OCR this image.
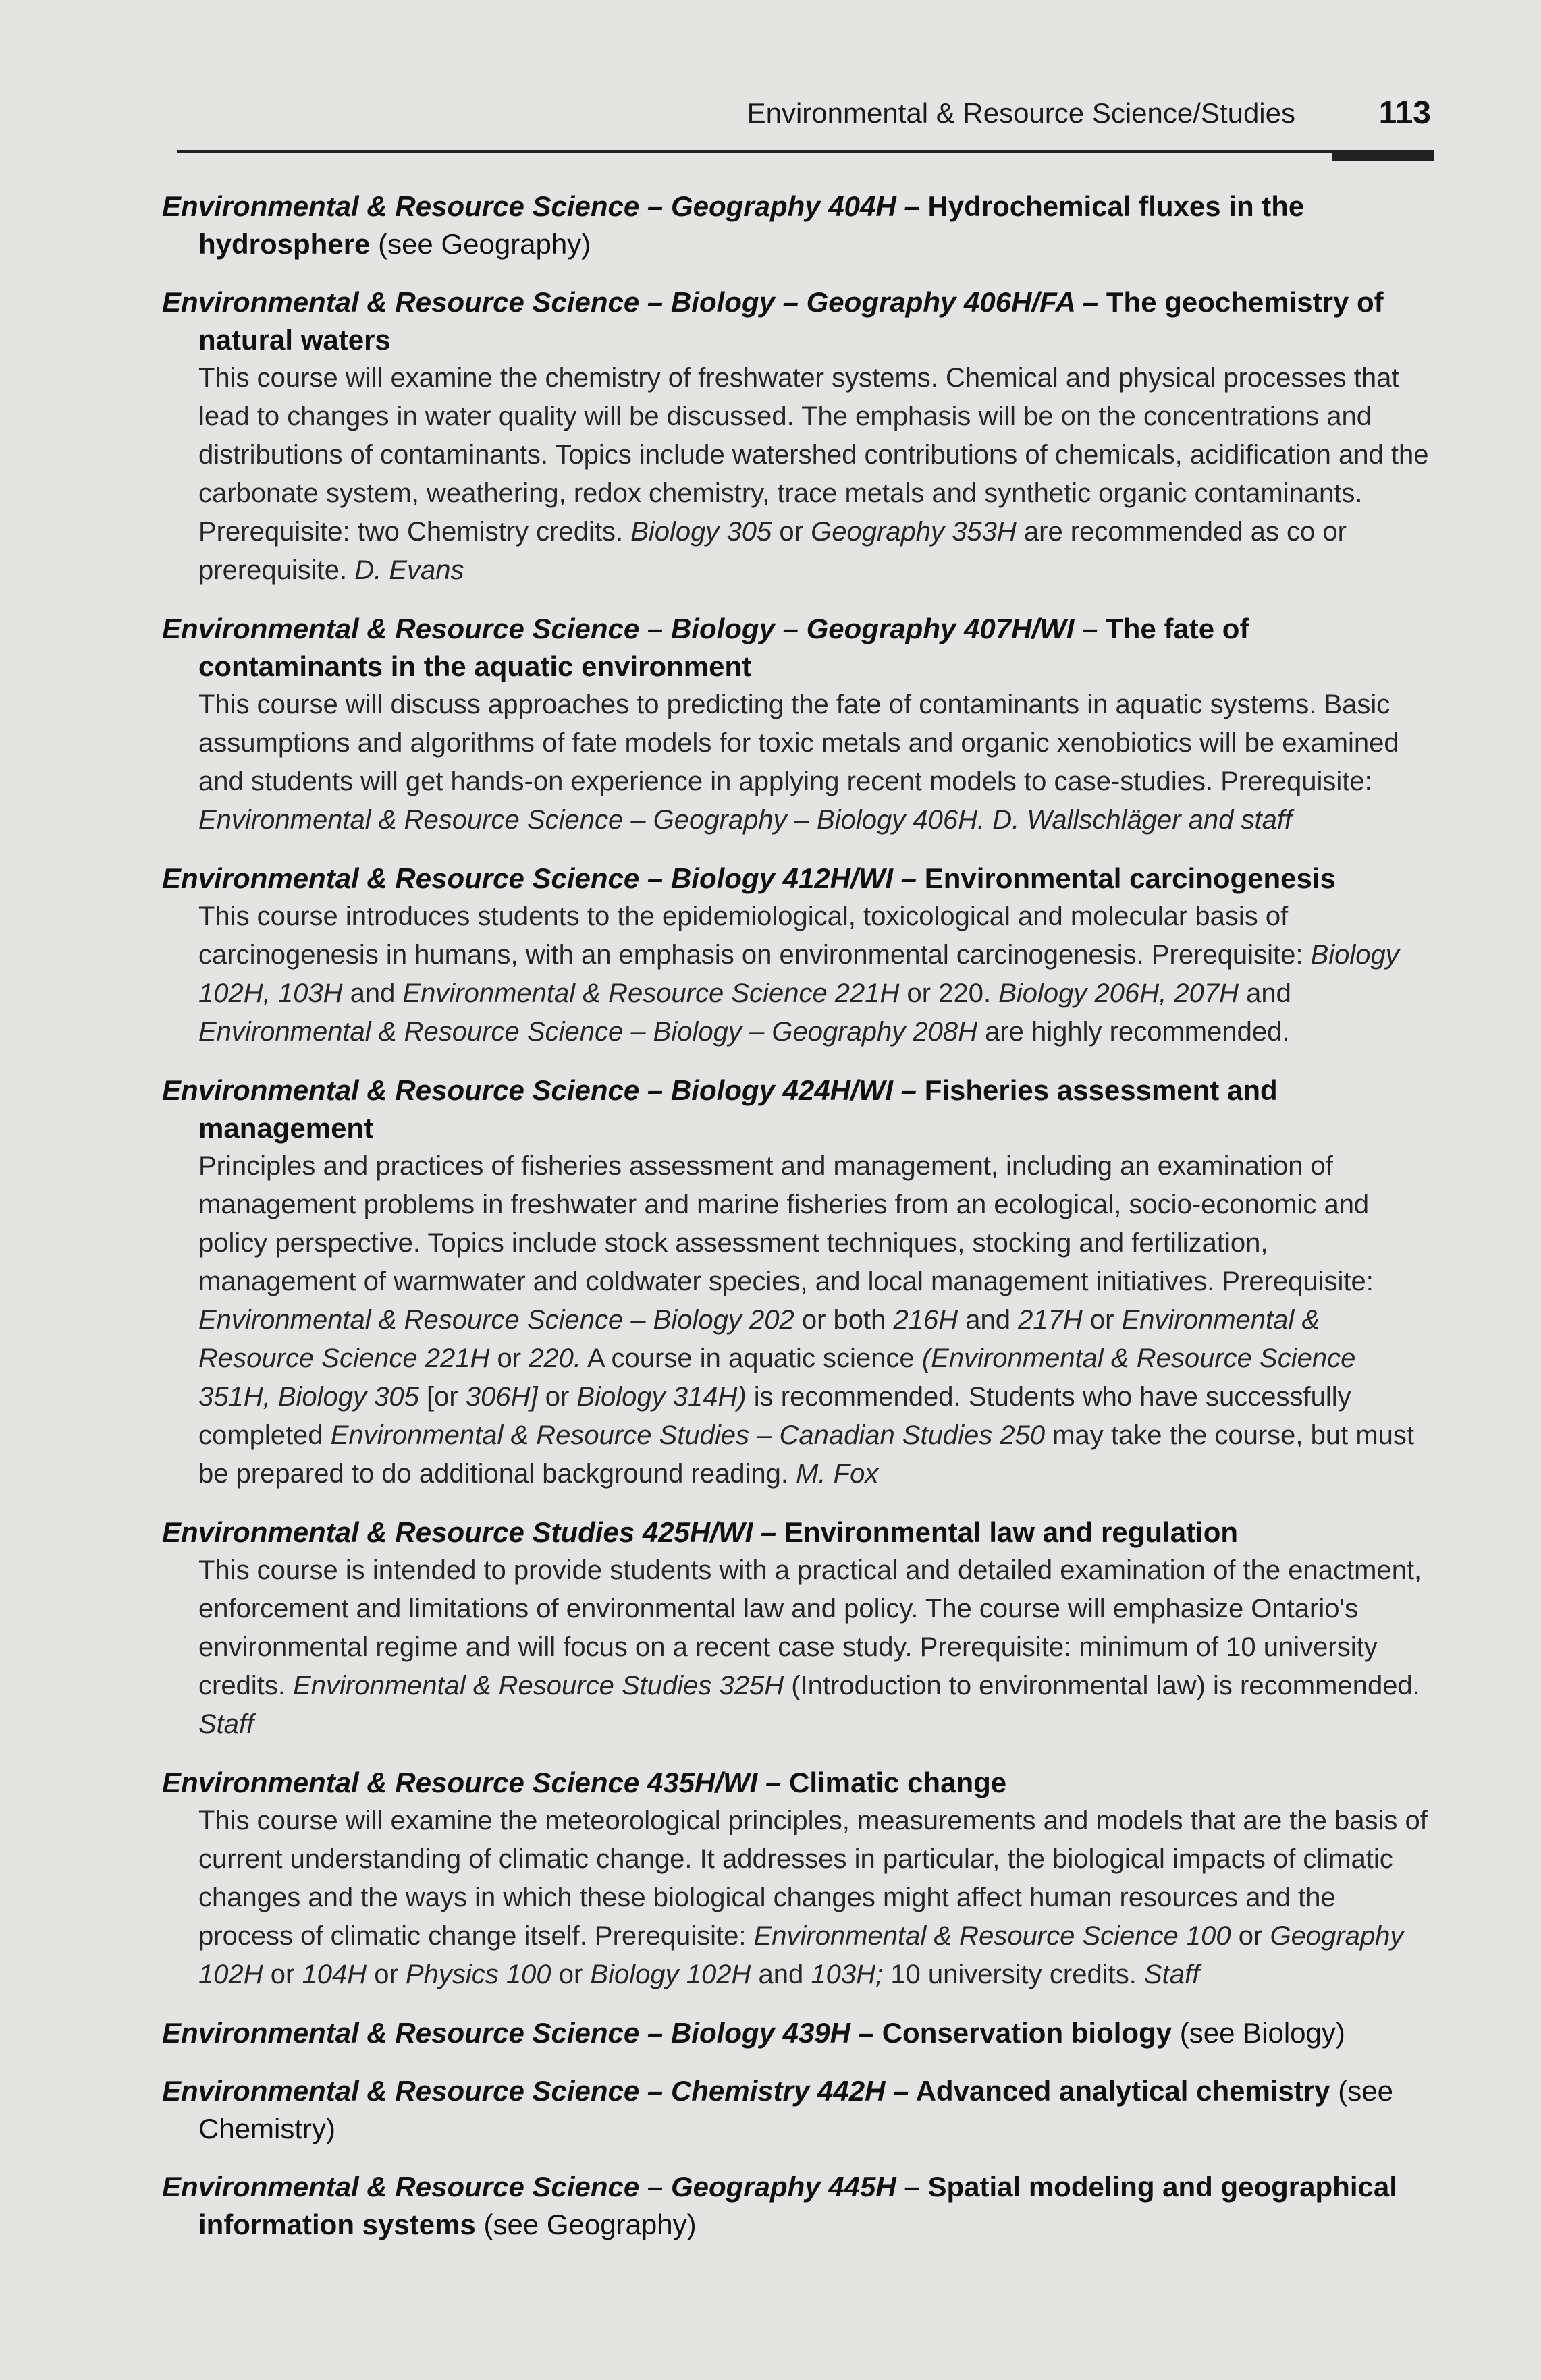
Environmental & Resource Science/Studies	113
Environmental & Resource Science – Geography 404H – Hydrochemical fluxes in the hydrosphere (see Geography)
Environmental & Resource Science – Biology – Geography 406H/FA – The geochemistry of natural waters
This course will examine the chemistry of freshwater systems. Chemical and physical processes that lead to changes in water quality will be discussed. The emphasis will be on the concentrations and distributions of contaminants. Topics include watershed contributions of chemicals, acidification and the carbonate system, weathering, redox chemistry, trace metals and synthetic organic contaminants. Prerequisite: two Chemistry credits. Biology 305 or Geography 353H are recommended as co or prerequisite. D. Evans
Environmental & Resource Science – Biology – Geography 407H/WI – The fate of contaminants in the aquatic environment
This course will discuss approaches to predicting the fate of contaminants in aquatic systems. Basic assumptions and algorithms of fate models for toxic metals and organic xenobiotics will be examined and students will get hands-on experience in applying recent models to case-studies. Prerequisite: Environmental & Resource Science – Geography – Biology 406H. D. Wallschläger and staff
Environmental & Resource Science – Biology 412H/WI – Environmental carcinogenesis
This course introduces students to the epidemiological, toxicological and molecular basis of carcinogenesis in humans, with an emphasis on environmental carcinogenesis. Prerequisite: Biology 102H, 103H and Environmental & Resource Science 221H or 220. Biology 206H, 207H and Environmental & Resource Science – Biology – Geography 208H are highly recommended.
Environmental & Resource Science – Biology 424H/WI – Fisheries assessment and management
Principles and practices of fisheries assessment and management, including an examination of management problems in freshwater and marine fisheries from an ecological, socio-economic and policy perspective. Topics include stock assessment techniques, stocking and fertilization, management of warmwater and coldwater species, and local management initiatives. Prerequisite: Environmental & Resource Science – Biology 202 or both 216H and 217H or Environmental & Resource Science 221H or 220. A course in aquatic science (Environmental & Resource Science 351H, Biology 305 [or 306H] or Biology 314H) is recommended. Students who have successfully completed Environmental & Resource Studies – Canadian Studies 250 may take the course, but must be prepared to do additional background reading. M. Fox
Environmental & Resource Studies 425H/WI – Environmental law and regulation
This course is intended to provide students with a practical and detailed examination of the enactment, enforcement and limitations of environmental law and policy. The course will emphasize Ontario's environmental regime and will focus on a recent case study. Prerequisite: minimum of 10 university credits. Environmental & Resource Studies 325H (Introduction to environmental law) is recommended. Staff
Environmental & Resource Science 435H/WI – Climatic change
This course will examine the meteorological principles, measurements and models that are the basis of current understanding of climatic change. It addresses in particular, the biological impacts of climatic changes and the ways in which these biological changes might affect human resources and the process of climatic change itself. Prerequisite: Environmental & Resource Science 100 or Geography 102H or 104H or Physics 100 or Biology 102H and 103H; 10 university credits. Staff
Environmental & Resource Science – Biology 439H – Conservation biology (see Biology)
Environmental & Resource Science – Chemistry 442H – Advanced analytical chemistry (see Chemistry)
Environmental & Resource Science – Geography 445H – Spatial modeling and geographical information systems (see Geography)
